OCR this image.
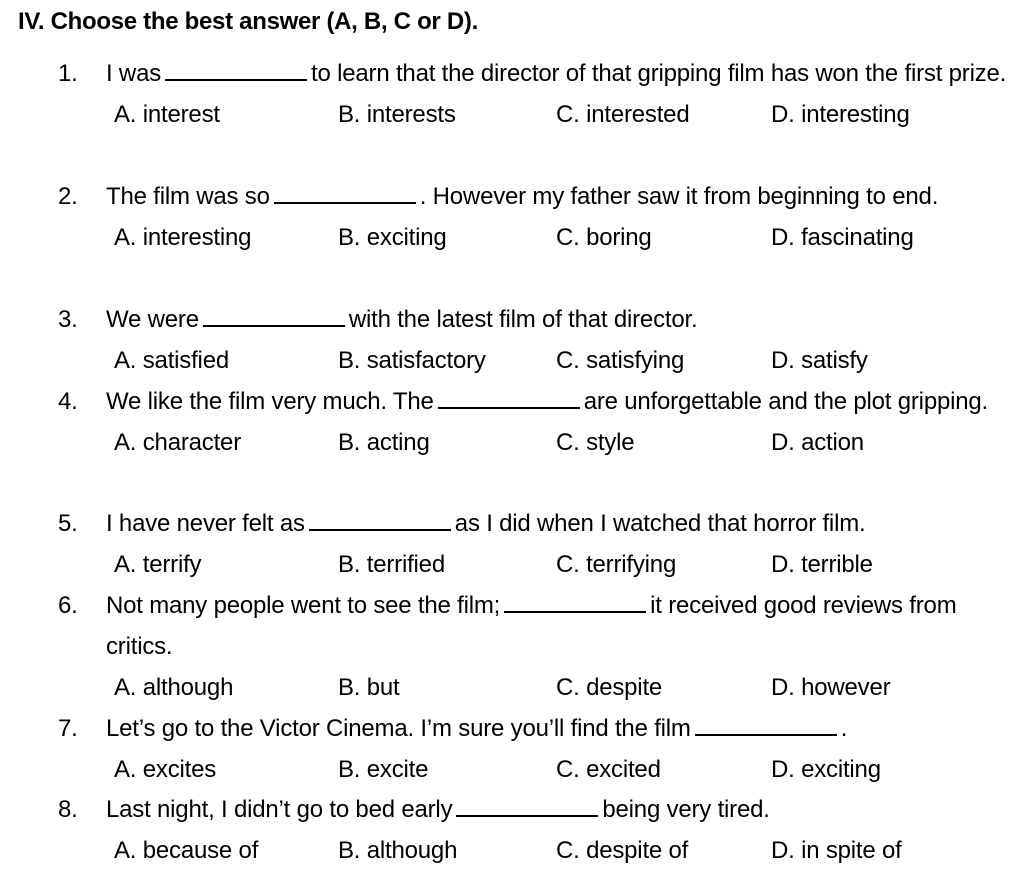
IV. Choose the best answer (A, B, C or D).
1. I was	to learn that the director of that gripping film has won the first prize.
A. interest	B. interests	C. interested	D. interesting
2. The film was so	. However my father saw it from beginning to end.
A. interesting	B. exciting	C. boring	D. fascinating
3. We were	with the latest film of that director.
A. satisfied	B. satisfactory	C. satisfying	D. satisfy
4. We like the film very much. The	are unforgettable and the plot gripping.
A. character	B. acting	C. style	D. action
5. I have never felt as	as I did when I watched that horror film.
A. terrify	B. terrified	C. terrifying	D. terrible
6. Not many people went to see the film;	it received good reviews from critics.
A. although	B. but	C. despite	D. however
7. Let’s go to the Victor Cinema. I’m sure you’ll find the film	.
A. excites	B. excite	C. excited	D. exciting
8. Last night, I didn’t go to bed early	being very tired.
A. because of	B. although	C. despite of	D. in spite of
